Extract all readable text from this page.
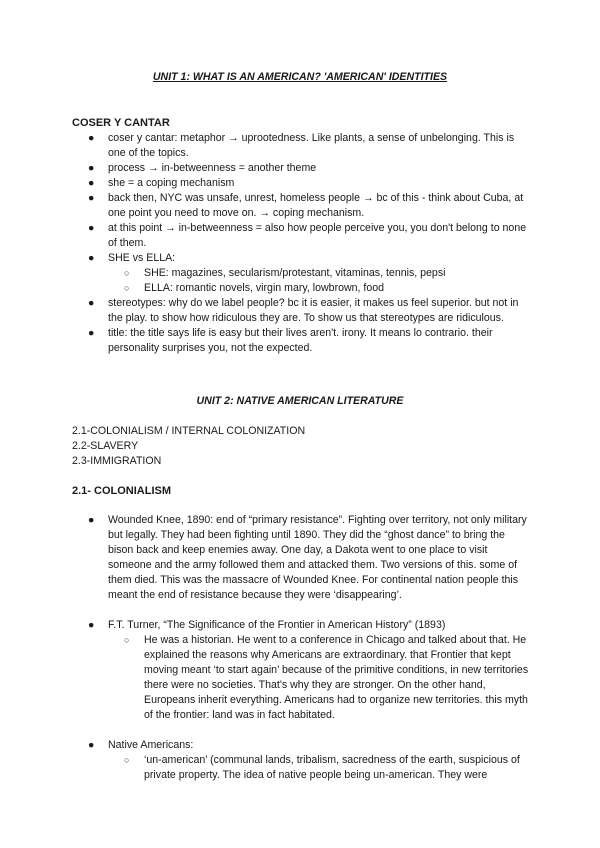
UNIT 1: WHAT IS AN AMERICAN? 'AMERICAN' IDENTITIES
COSER Y CANTAR
● coser y cantar: metaphor → uprootedness. Like plants, a sense of unbelonging. This is one of the topics.
● process → in-betweenness = another theme
● she = a coping mechanism
● back then, NYC was unsafe, unrest, homeless people → bc of this - think about Cuba, at one point you need to move on. → coping mechanism.
● at this point → in-betweenness = also how people perceive you, you don't belong to none of them.
● SHE vs ELLA:
○ SHE: magazines, secularism/protestant, vitaminas, tennis, pepsi
○ ELLA: romantic novels, virgin mary, lowbrown, food
● stereotypes: why do we label people? bc it is easier, it makes us feel superior. but not in the play. to show how ridiculous they are. To show us that stereotypes are ridiculous.
● title: the title says life is easy but their lives aren't. irony. It means lo contrario. their personality surprises you, not the expected.
UNIT 2: NATIVE AMERICAN LITERATURE
2.1-COLONIALISM / INTERNAL COLONIZATION
2.2-SLAVERY
2.3-IMMIGRATION
2.1- COLONIALISM
● Wounded Knee, 1890: end of “primary resistance”. Fighting over territory, not only military but legally. They had been fighting until 1890. They did the “ghost dance” to bring the bison back and keep enemies away. One day, a Dakota went to one place to visit someone and the army followed them and attacked them. Two versions of this. some of them died. This was the massacre of Wounded Knee. For continental nation people this meant the end of resistance because they were ‘disappearing’.
● F.T. Turner, “The Significance of the Frontier in American History” (1893)
○ He was a historian. He went to a conference in Chicago and talked about that. He explained the reasons why Americans are extraordinary. that Frontier that kept moving meant ‘to start again’ because of the primitive conditions, in new territories there were no societies. That's why they are stronger. On the other hand, Europeans inherit everything. Americans had to organize new territories. this myth of the frontier: land was in fact habitated.
● Native Americans:
○ ‘un-american’ (communal lands, tribalism, sacredness of the earth, suspicious of private property. The idea of native people being un-american. They were
